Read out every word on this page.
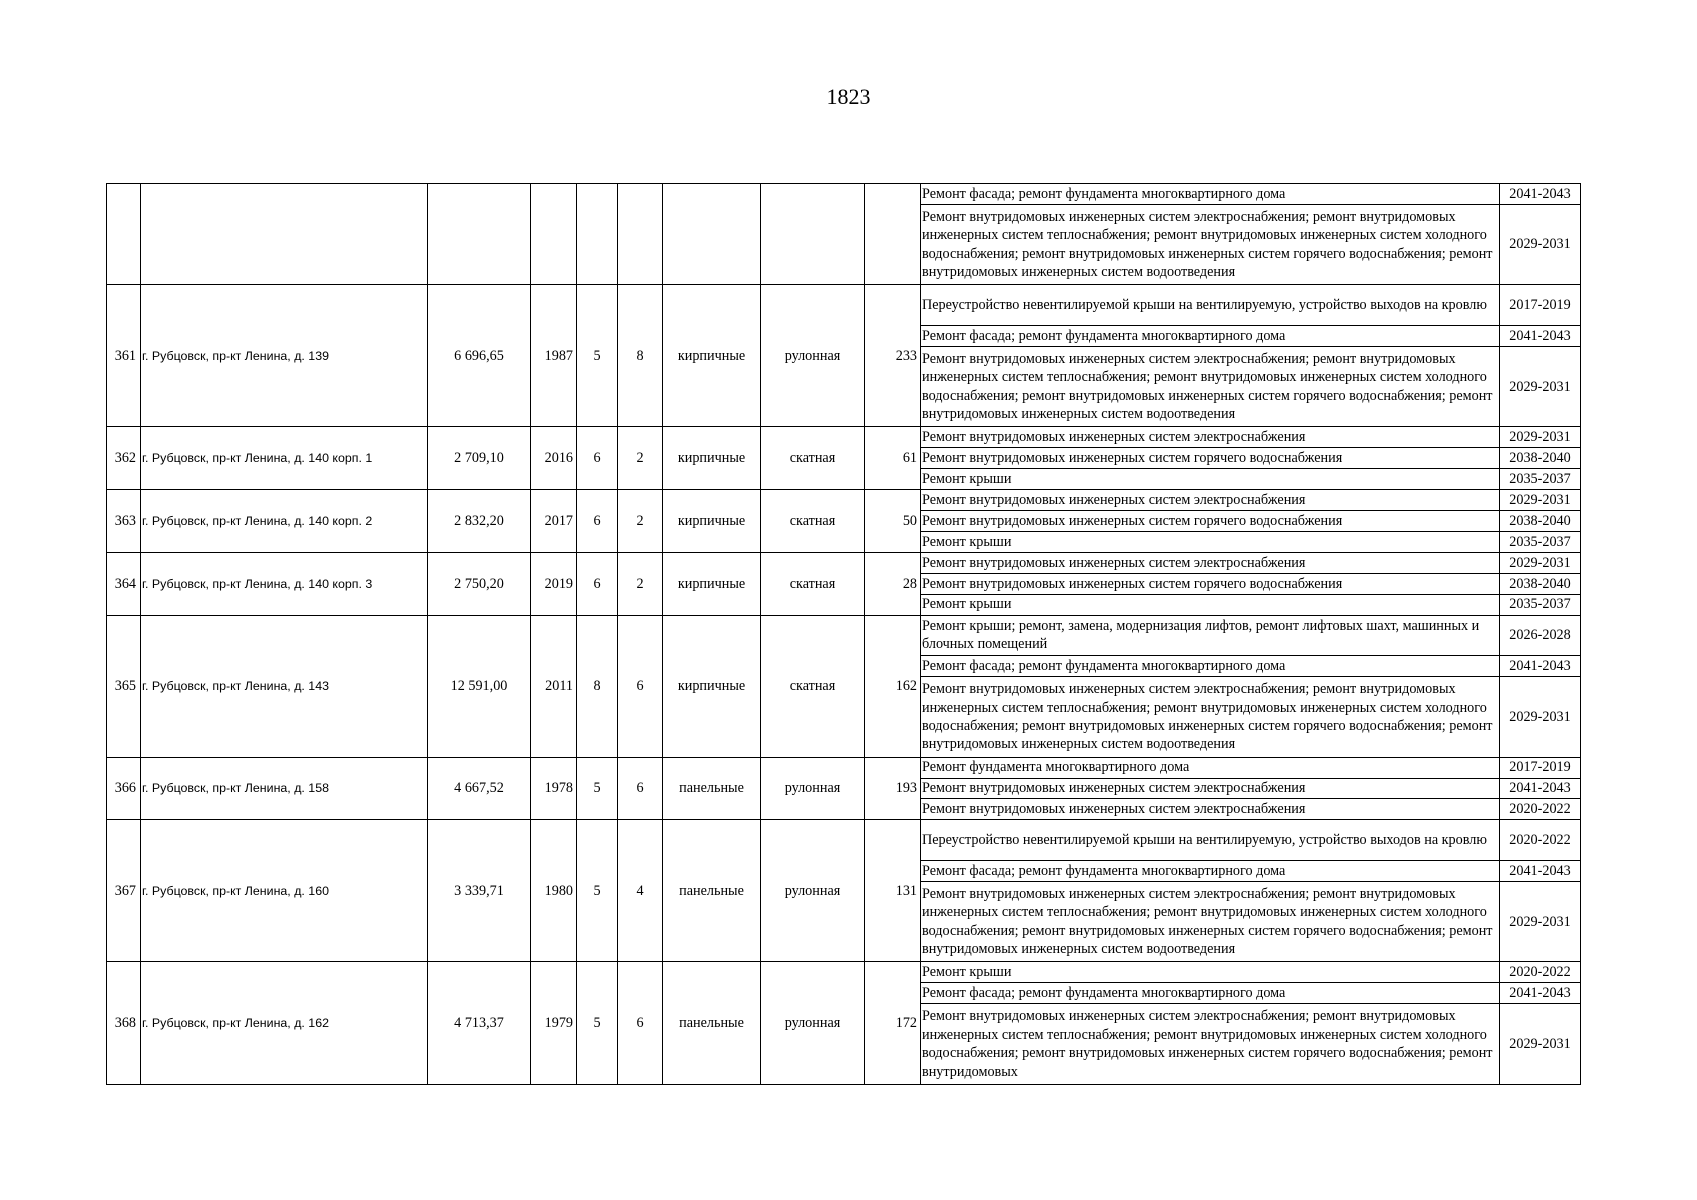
1823
									Ремонт фасада; ремонт фундамента многоквартирного дома	2041-2043
									Ремонт внутридомовых инженерных систем электроснабжения; ремонт внутридомовых инженерных систем теплоснабжения; ремонт внутридомовых инженерных систем холодного водоснабжения; ремонт внутридомовых инженерных систем горячего водоснабжения; ремонт внутридомовых инженерных систем водоотведения	2029-2031
361	г. Рубцовск, пр-кт Ленина, д. 139	6 696,65	1987	5	8	кирпичные	рулонная	233	Переустройство невентилируемой крыши на вентилируемую, устройство выходов на кровлю	2017-2019
									Ремонт фасада; ремонт фундамента многоквартирного дома	2041-2043
									Ремонт внутридомовых инженерных систем электроснабжения; ремонт внутридомовых инженерных систем теплоснабжения; ремонт внутридомовых инженерных систем холодного водоснабжения; ремонт внутридомовых инженерных систем горячего водоснабжения; ремонт внутридомовых инженерных систем водоотведения	2029-2031
362	г. Рубцовск, пр-кт Ленина, д. 140 корп. 1	2 709,10	2016	6	2	кирпичные	скатная	61	Ремонт внутридомовых инженерных систем электроснабжения	2029-2031
									Ремонт внутридомовых инженерных систем горячего водоснабжения	2038-2040
									Ремонт крыши	2035-2037
363	г. Рубцовск, пр-кт Ленина, д. 140 корп. 2	2 832,20	2017	6	2	кирпичные	скатная	50	Ремонт внутридомовых инженерных систем электроснабжения	2029-2031
									Ремонт внутридомовых инженерных систем горячего водоснабжения	2038-2040
									Ремонт крыши	2035-2037
364	г. Рубцовск, пр-кт Ленина, д. 140 корп. 3	2 750,20	2019	6	2	кирпичные	скатная	28	Ремонт внутридомовых инженерных систем электроснабжения	2029-2031
									Ремонт внутридомовых инженерных систем горячего водоснабжения	2038-2040
									Ремонт крыши	2035-2037
365	г. Рубцовск, пр-кт Ленина, д. 143	12 591,00	2011	8	6	кирпичные	скатная	162	Ремонт крыши; ремонт, замена, модернизация лифтов, ремонт лифтовых шахт, машинных и блочных помещений	2026-2028
									Ремонт фасада; ремонт фундамента многоквартирного дома	2041-2043
									Ремонт внутридомовых инженерных систем электроснабжения; ремонт внутридомовых инженерных систем теплоснабжения; ремонт внутридомовых инженерных систем холодного водоснабжения; ремонт внутридомовых инженерных систем горячего водоснабжения; ремонт внутридомовых инженерных систем водоотведения	2029-2031
366	г. Рубцовск, пр-кт Ленина, д. 158	4 667,52	1978	5	6	панельные	рулонная	193	Ремонт фундамента многоквартирного дома	2017-2019
									Ремонт внутридомовых инженерных систем электроснабжения	2041-2043
									Ремонт внутридомовых инженерных систем электроснабжения	2020-2022
367	г. Рубцовск, пр-кт Ленина, д. 160	3 339,71	1980	5	4	панельные	рулонная	131	Переустройство невентилируемой крыши на вентилируемую, устройство выходов на кровлю	2020-2022
									Ремонт фасада; ремонт фундамента многоквартирного дома	2041-2043
									Ремонт внутридомовых инженерных систем электроснабжения; ремонт внутридомовых инженерных систем теплоснабжения; ремонт внутридомовых инженерных систем холодного водоснабжения; ремонт внутридомовых инженерных систем горячего водоснабжения; ремонт внутридомовых инженерных систем водоотведения	2029-2031
368	г. Рубцовск, пр-кт Ленина, д. 162	4 713,37	1979	5	6	панельные	рулонная	172	Ремонт крыши	2020-2022
									Ремонт фасада; ремонт фундамента многоквартирного дома	2041-2043
									Ремонт внутридомовых инженерных систем электроснабжения; ремонт внутридомовых инженерных систем теплоснабжения; ремонт внутридомовых инженерных систем холодного водоснабжения; ремонт внутридомовых инженерных систем горячего водоснабжения; ремонт внутридомовых	2029-2031
